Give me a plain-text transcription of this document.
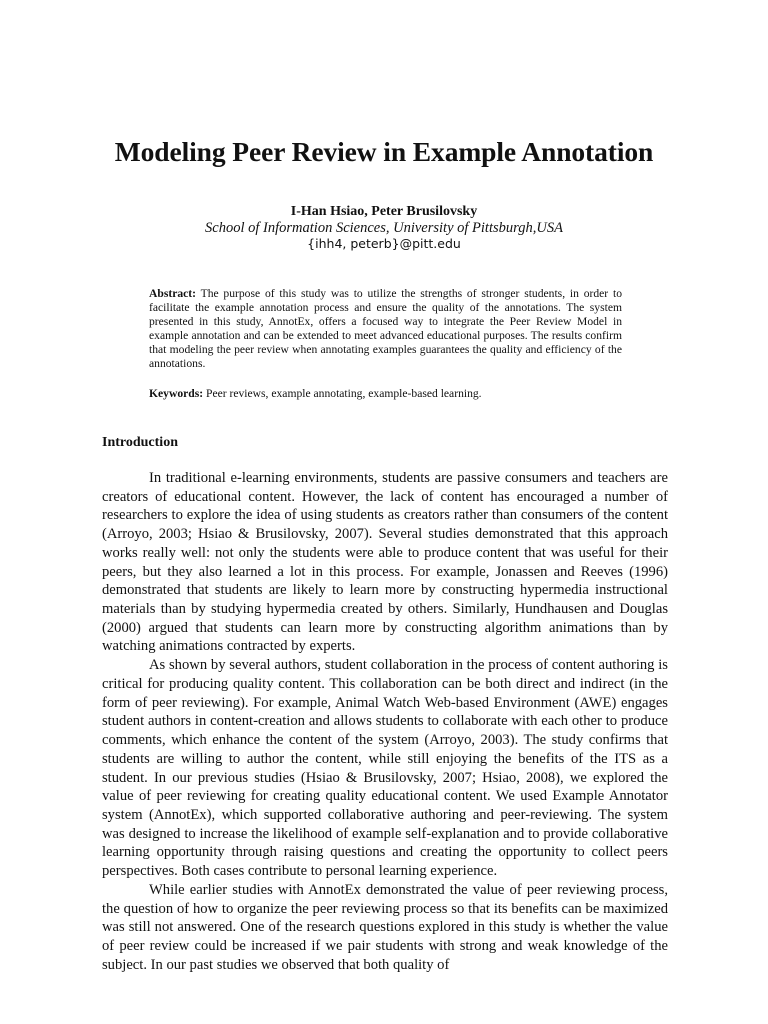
Modeling Peer Review in Example Annotation
I-Han Hsiao, Peter Brusilovsky
School of Information Sciences, University of Pittsburgh,USA
{ihh4, peterb}@pitt.edu

Abstract: The purpose of this study was to utilize the strengths of stronger students, in order to facilitate the example annotation process and ensure the quality of the annotations. The system presented in this study, AnnotEx, offers a focused way to integrate the Peer Review Model in example annotation and can be extended to meet advanced educational purposes. The results confirm that modeling the peer review when annotating examples guarantees the quality and efficiency of the annotations.

Keywords: Peer reviews, example annotating, example-based learning.

Introduction

In traditional e-learning environments, students are passive consumers and teachers are creators of educational content. However, the lack of content has encouraged a number of researchers to explore the idea of using students as creators rather than consumers of the content (Arroyo, 2003; Hsiao & Brusilovsky, 2007). Several studies demonstrated that this approach works really well: not only the students were able to produce content that was useful for their peers, but they also learned a lot in this process. For example, Jonassen and Reeves (1996) demonstrated that students are likely to learn more by constructing hypermedia instructional materials than by studying hypermedia created by others. Similarly, Hundhausen and Douglas (2000) argued that students can learn more by constructing algorithm animations than by watching animations contracted by experts.

As shown by several authors, student collaboration in the process of content authoring is critical for producing quality content. This collaboration can be both direct and indirect (in the form of peer reviewing). For example, Animal Watch Web-based Environment (AWE) engages student authors in content-creation and allows students to collaborate with each other to produce comments, which enhance the content of the system (Arroyo, 2003). The study confirms that students are willing to author the content, while still enjoying the benefits of the ITS as a student. In our previous studies (Hsiao & Brusilovsky, 2007; Hsiao, 2008), we explored the value of peer reviewing for creating quality educational content. We used Example Annotator system (AnnotEx), which supported collaborative authoring and peer-reviewing. The system was designed to increase the likelihood of example self-explanation and to provide collaborative learning opportunity through raising questions and creating the opportunity to collect peers perspectives. Both cases contribute to personal learning experience.

While earlier studies with AnnotEx demonstrated the value of peer reviewing process, the question of how to organize the peer reviewing process so that its benefits can be maximized was still not answered. One of the research questions explored in this study is whether the value of peer review could be increased if we pair students with strong and weak knowledge of the subject. In our past studies we observed that both quality of
